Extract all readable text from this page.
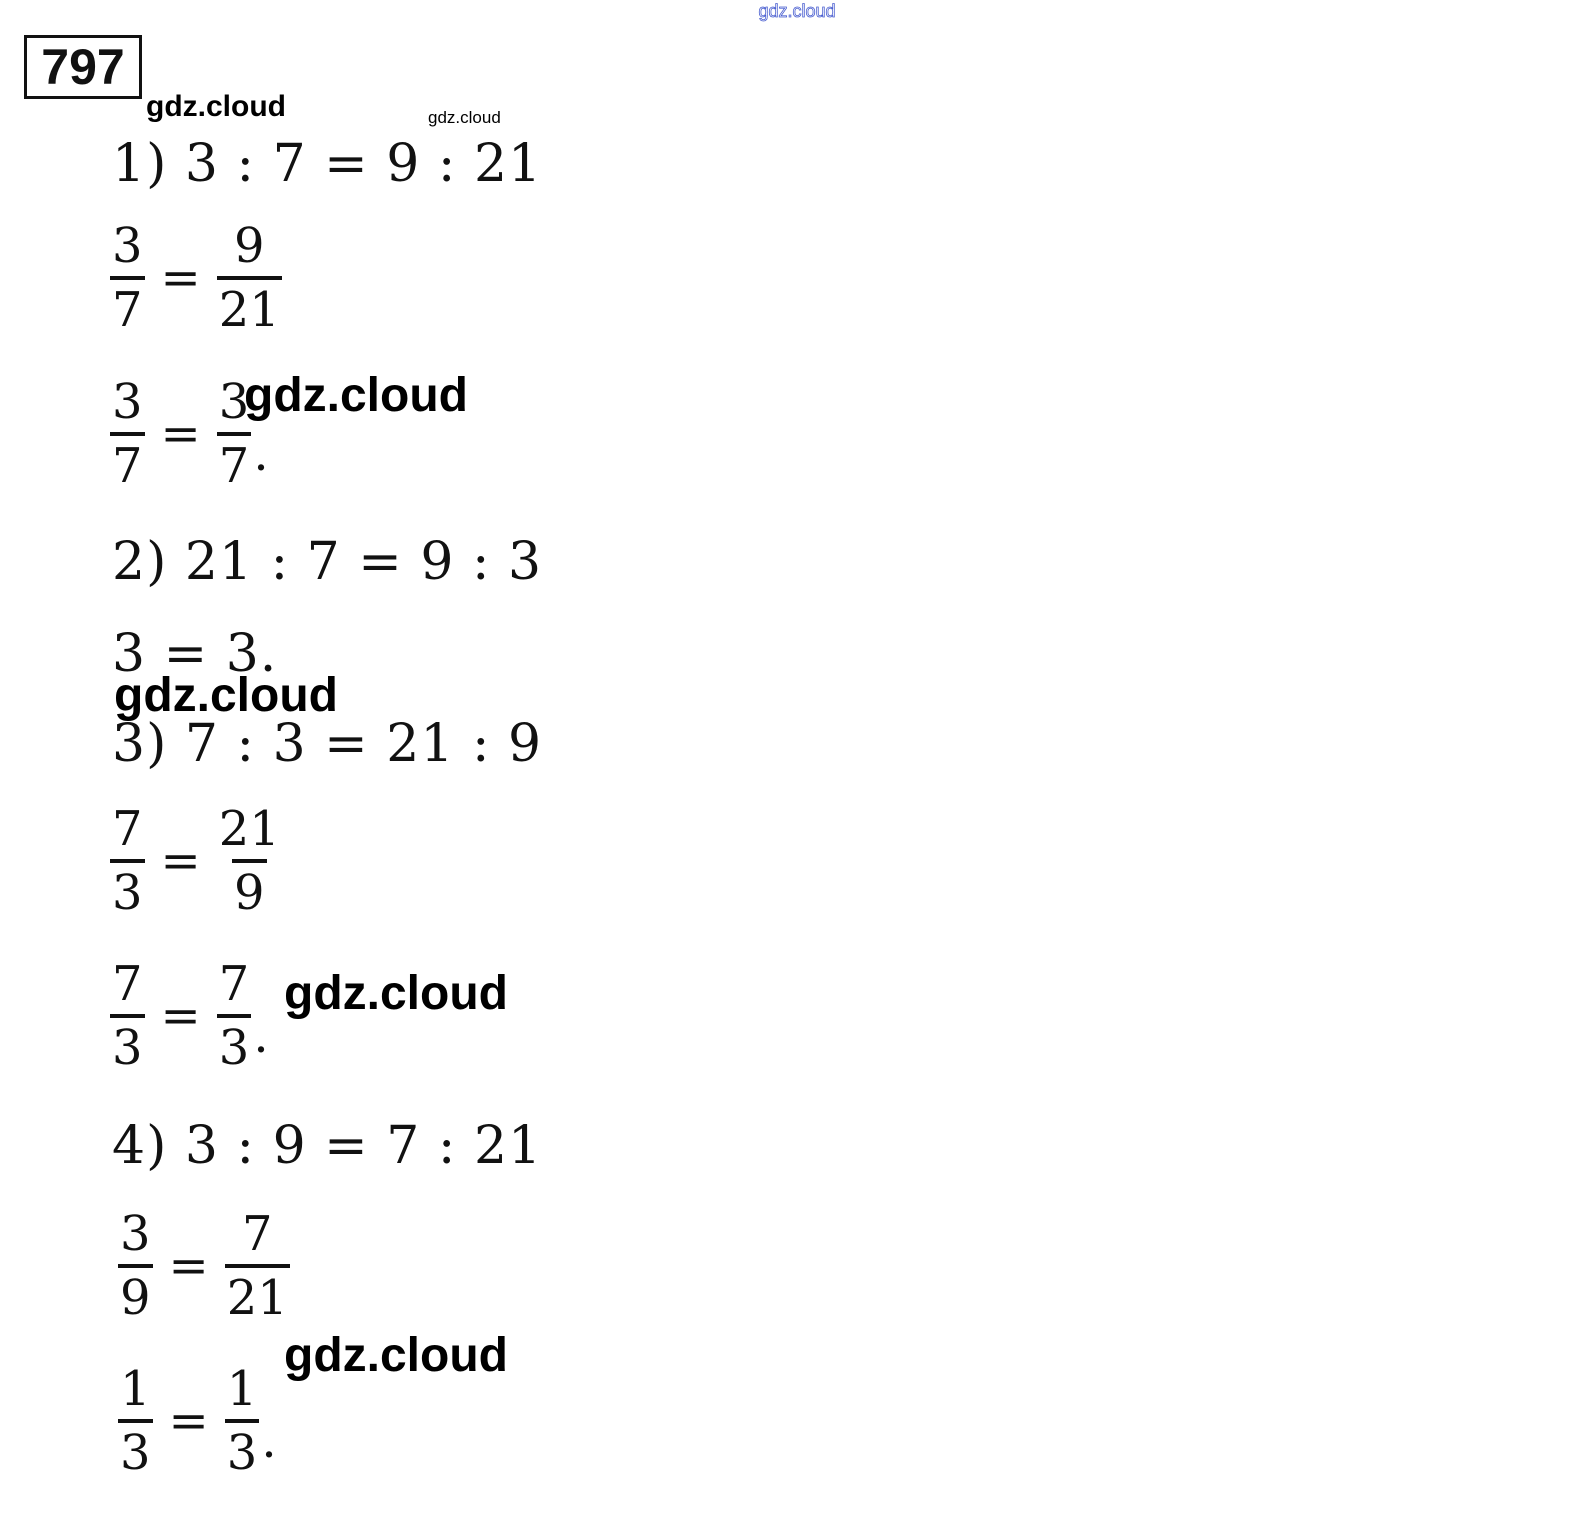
797
gdz.cloud
gdz.cloud	gdz.cloud
1) 3 : 7 = 9 : 21
$\frac{3}{7} = \frac{9}{21}$
$\frac{3}{7} = \frac{3}{7}$ .
gdz.cloud
2) 21 : 7 = 9 : 3
3 = 3.
gdz.cloud
3) 7 : 3 = 21 : 9
$\frac{7}{3} = \frac{21}{9}$
$\frac{7}{3} = \frac{7}{3}$ .
gdz.cloud
4) 3 : 9 = 7 : 21
$\frac{3}{9} = \frac{7}{21}$
$\frac{1}{3} = \frac{1}{3}$ .
gdz.cloud
